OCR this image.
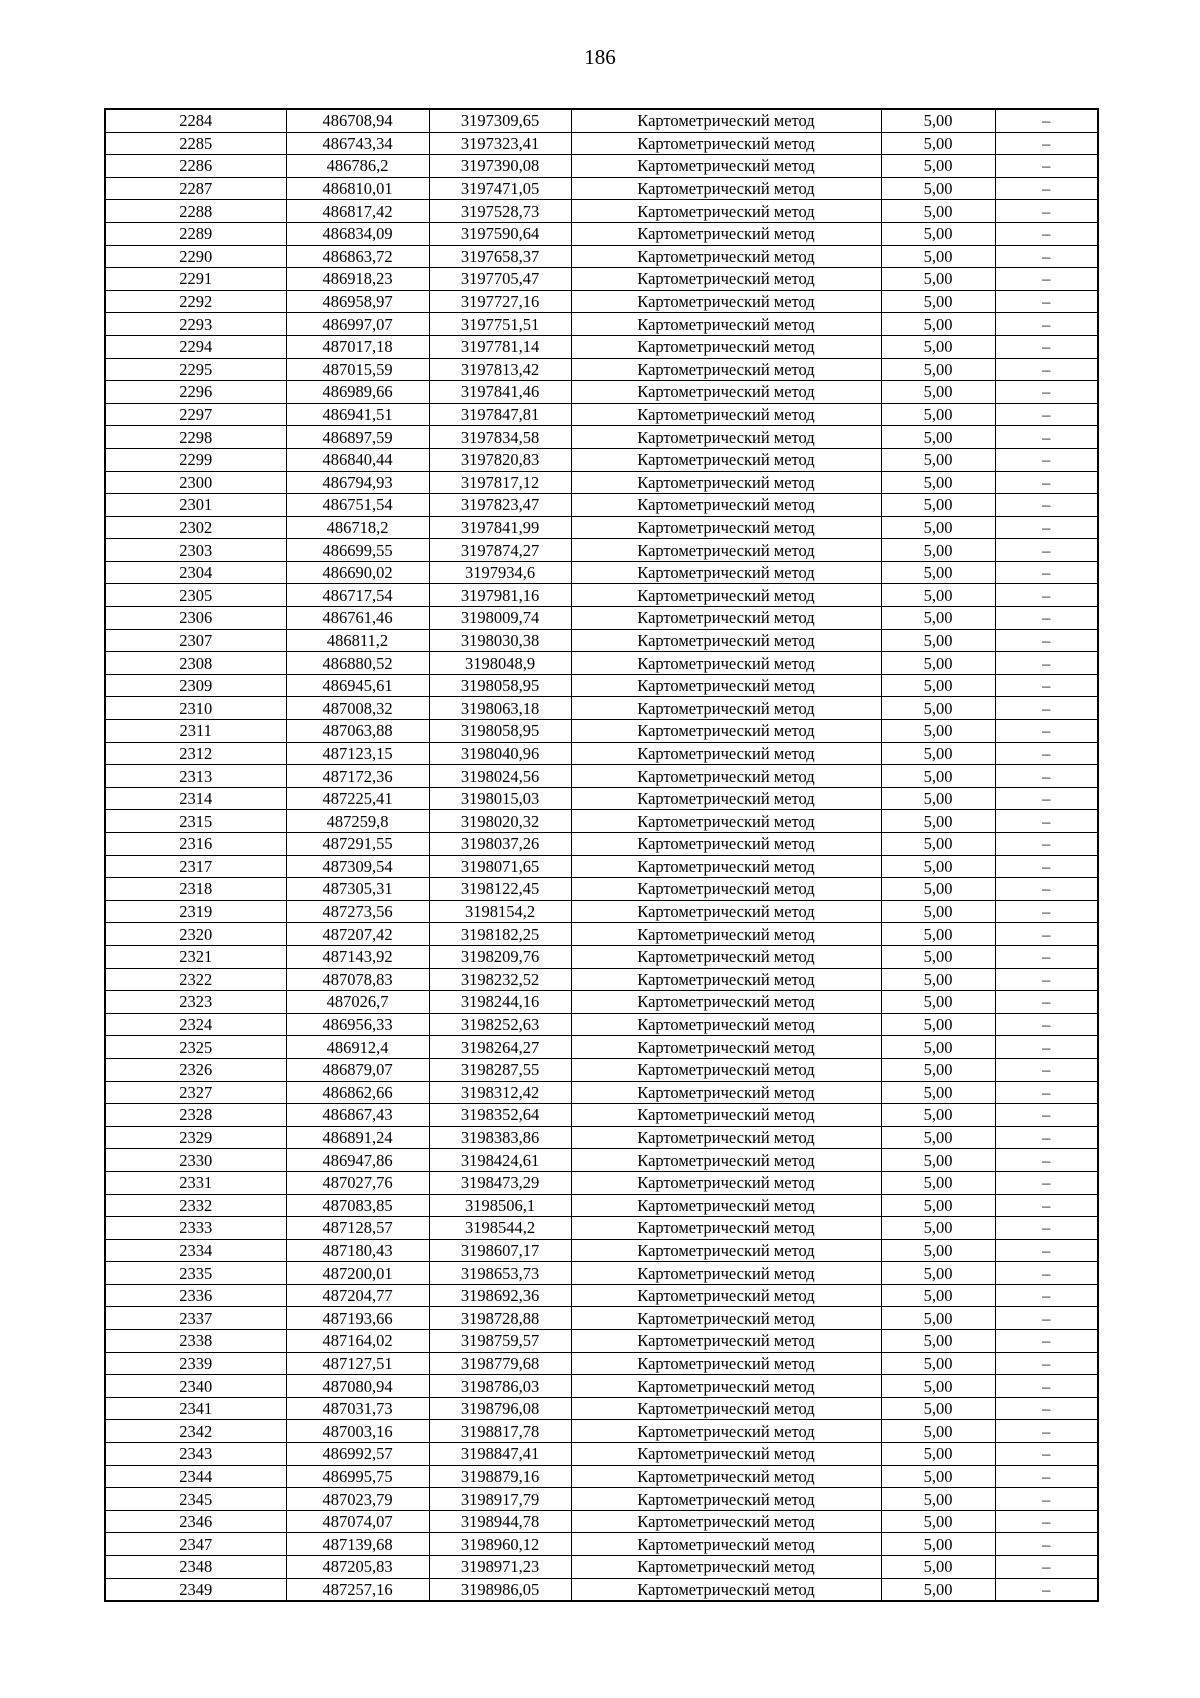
186
2284	486708,94	3197309,65	Картометрический метод	5,00	–
2285	486743,34	3197323,41	Картометрический метод	5,00	–
2286	486786,2	3197390,08	Картометрический метод	5,00	–
2287	486810,01	3197471,05	Картометрический метод	5,00	–
2288	486817,42	3197528,73	Картометрический метод	5,00	–
2289	486834,09	3197590,64	Картометрический метод	5,00	–
2290	486863,72	3197658,37	Картометрический метод	5,00	–
2291	486918,23	3197705,47	Картометрический метод	5,00	–
2292	486958,97	3197727,16	Картометрический метод	5,00	–
2293	486997,07	3197751,51	Картометрический метод	5,00	–
2294	487017,18	3197781,14	Картометрический метод	5,00	–
2295	487015,59	3197813,42	Картометрический метод	5,00	–
2296	486989,66	3197841,46	Картометрический метод	5,00	–
2297	486941,51	3197847,81	Картометрический метод	5,00	–
2298	486897,59	3197834,58	Картометрический метод	5,00	–
2299	486840,44	3197820,83	Картометрический метод	5,00	–
2300	486794,93	3197817,12	Картометрический метод	5,00	–
2301	486751,54	3197823,47	Картометрический метод	5,00	–
2302	486718,2	3197841,99	Картометрический метод	5,00	–
2303	486699,55	3197874,27	Картометрический метод	5,00	–
2304	486690,02	3197934,6	Картометрический метод	5,00	–
2305	486717,54	3197981,16	Картометрический метод	5,00	–
2306	486761,46	3198009,74	Картометрический метод	5,00	–
2307	486811,2	3198030,38	Картометрический метод	5,00	–
2308	486880,52	3198048,9	Картометрический метод	5,00	–
2309	486945,61	3198058,95	Картометрический метод	5,00	–
2310	487008,32	3198063,18	Картометрический метод	5,00	–
2311	487063,88	3198058,95	Картометрический метод	5,00	–
2312	487123,15	3198040,96	Картометрический метод	5,00	–
2313	487172,36	3198024,56	Картометрический метод	5,00	–
2314	487225,41	3198015,03	Картометрический метод	5,00	–
2315	487259,8	3198020,32	Картометрический метод	5,00	–
2316	487291,55	3198037,26	Картометрический метод	5,00	–
2317	487309,54	3198071,65	Картометрический метод	5,00	–
2318	487305,31	3198122,45	Картометрический метод	5,00	–
2319	487273,56	3198154,2	Картометрический метод	5,00	–
2320	487207,42	3198182,25	Картометрический метод	5,00	–
2321	487143,92	3198209,76	Картометрический метод	5,00	–
2322	487078,83	3198232,52	Картометрический метод	5,00	–
2323	487026,7	3198244,16	Картометрический метод	5,00	–
2324	486956,33	3198252,63	Картометрический метод	5,00	–
2325	486912,4	3198264,27	Картометрический метод	5,00	–
2326	486879,07	3198287,55	Картометрический метод	5,00	–
2327	486862,66	3198312,42	Картометрический метод	5,00	–
2328	486867,43	3198352,64	Картометрический метод	5,00	–
2329	486891,24	3198383,86	Картометрический метод	5,00	–
2330	486947,86	3198424,61	Картометрический метод	5,00	–
2331	487027,76	3198473,29	Картометрический метод	5,00	–
2332	487083,85	3198506,1	Картометрический метод	5,00	–
2333	487128,57	3198544,2	Картометрический метод	5,00	–
2334	487180,43	3198607,17	Картометрический метод	5,00	–
2335	487200,01	3198653,73	Картометрический метод	5,00	–
2336	487204,77	3198692,36	Картометрический метод	5,00	–
2337	487193,66	3198728,88	Картометрический метод	5,00	–
2338	487164,02	3198759,57	Картометрический метод	5,00	–
2339	487127,51	3198779,68	Картометрический метод	5,00	–
2340	487080,94	3198786,03	Картометрический метод	5,00	–
2341	487031,73	3198796,08	Картометрический метод	5,00	–
2342	487003,16	3198817,78	Картометрический метод	5,00	–
2343	486992,57	3198847,41	Картометрический метод	5,00	–
2344	486995,75	3198879,16	Картометрический метод	5,00	–
2345	487023,79	3198917,79	Картометрический метод	5,00	–
2346	487074,07	3198944,78	Картометрический метод	5,00	–
2347	487139,68	3198960,12	Картометрический метод	5,00	–
2348	487205,83	3198971,23	Картометрический метод	5,00	–
2349	487257,16	3198986,05	Картометрический метод	5,00	–
